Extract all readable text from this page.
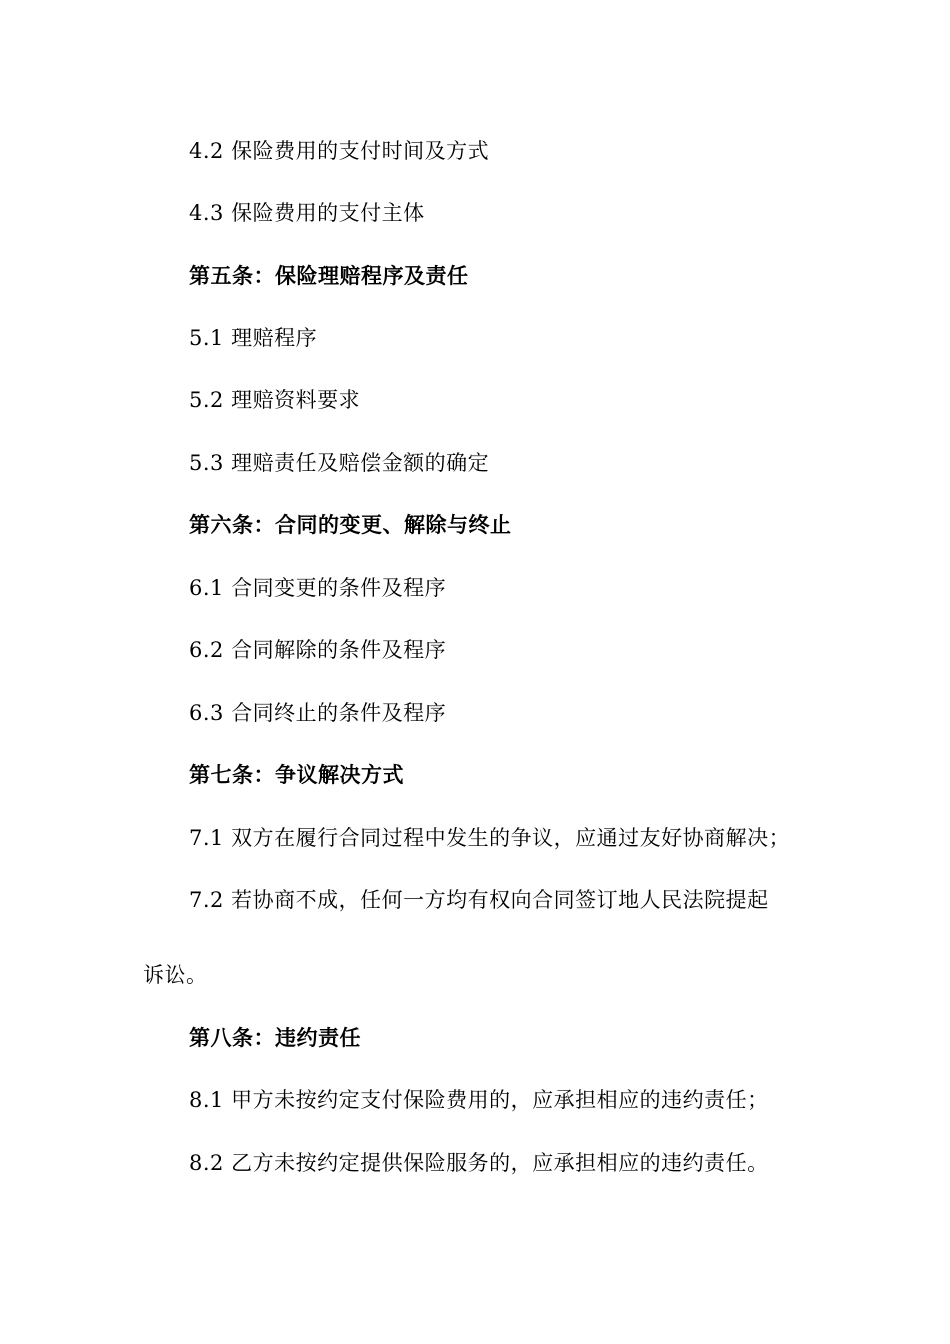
4.2 保险费用的支付时间及方式
4.3 保险费用的支付主体
第五条：保险理赔程序及责任
5.1 理赔程序
5.2 理赔资料要求
5.3 理赔责任及赔偿金额的确定
第六条：合同的变更、解除与终止
6.1 合同变更的条件及程序
6.2 合同解除的条件及程序
6.3 合同终止的条件及程序
第七条：争议解决方式
7.1 双方在履行合同过程中发生的争议，应通过友好协商解决；
7.2 若协商不成，任何一方均有权向合同签订地人民法院提起
诉讼。
第八条：违约责任
8.1 甲方未按约定支付保险费用的，应承担相应的违约责任；
8.2 乙方未按约定提供保险服务的，应承担相应的违约责任。
